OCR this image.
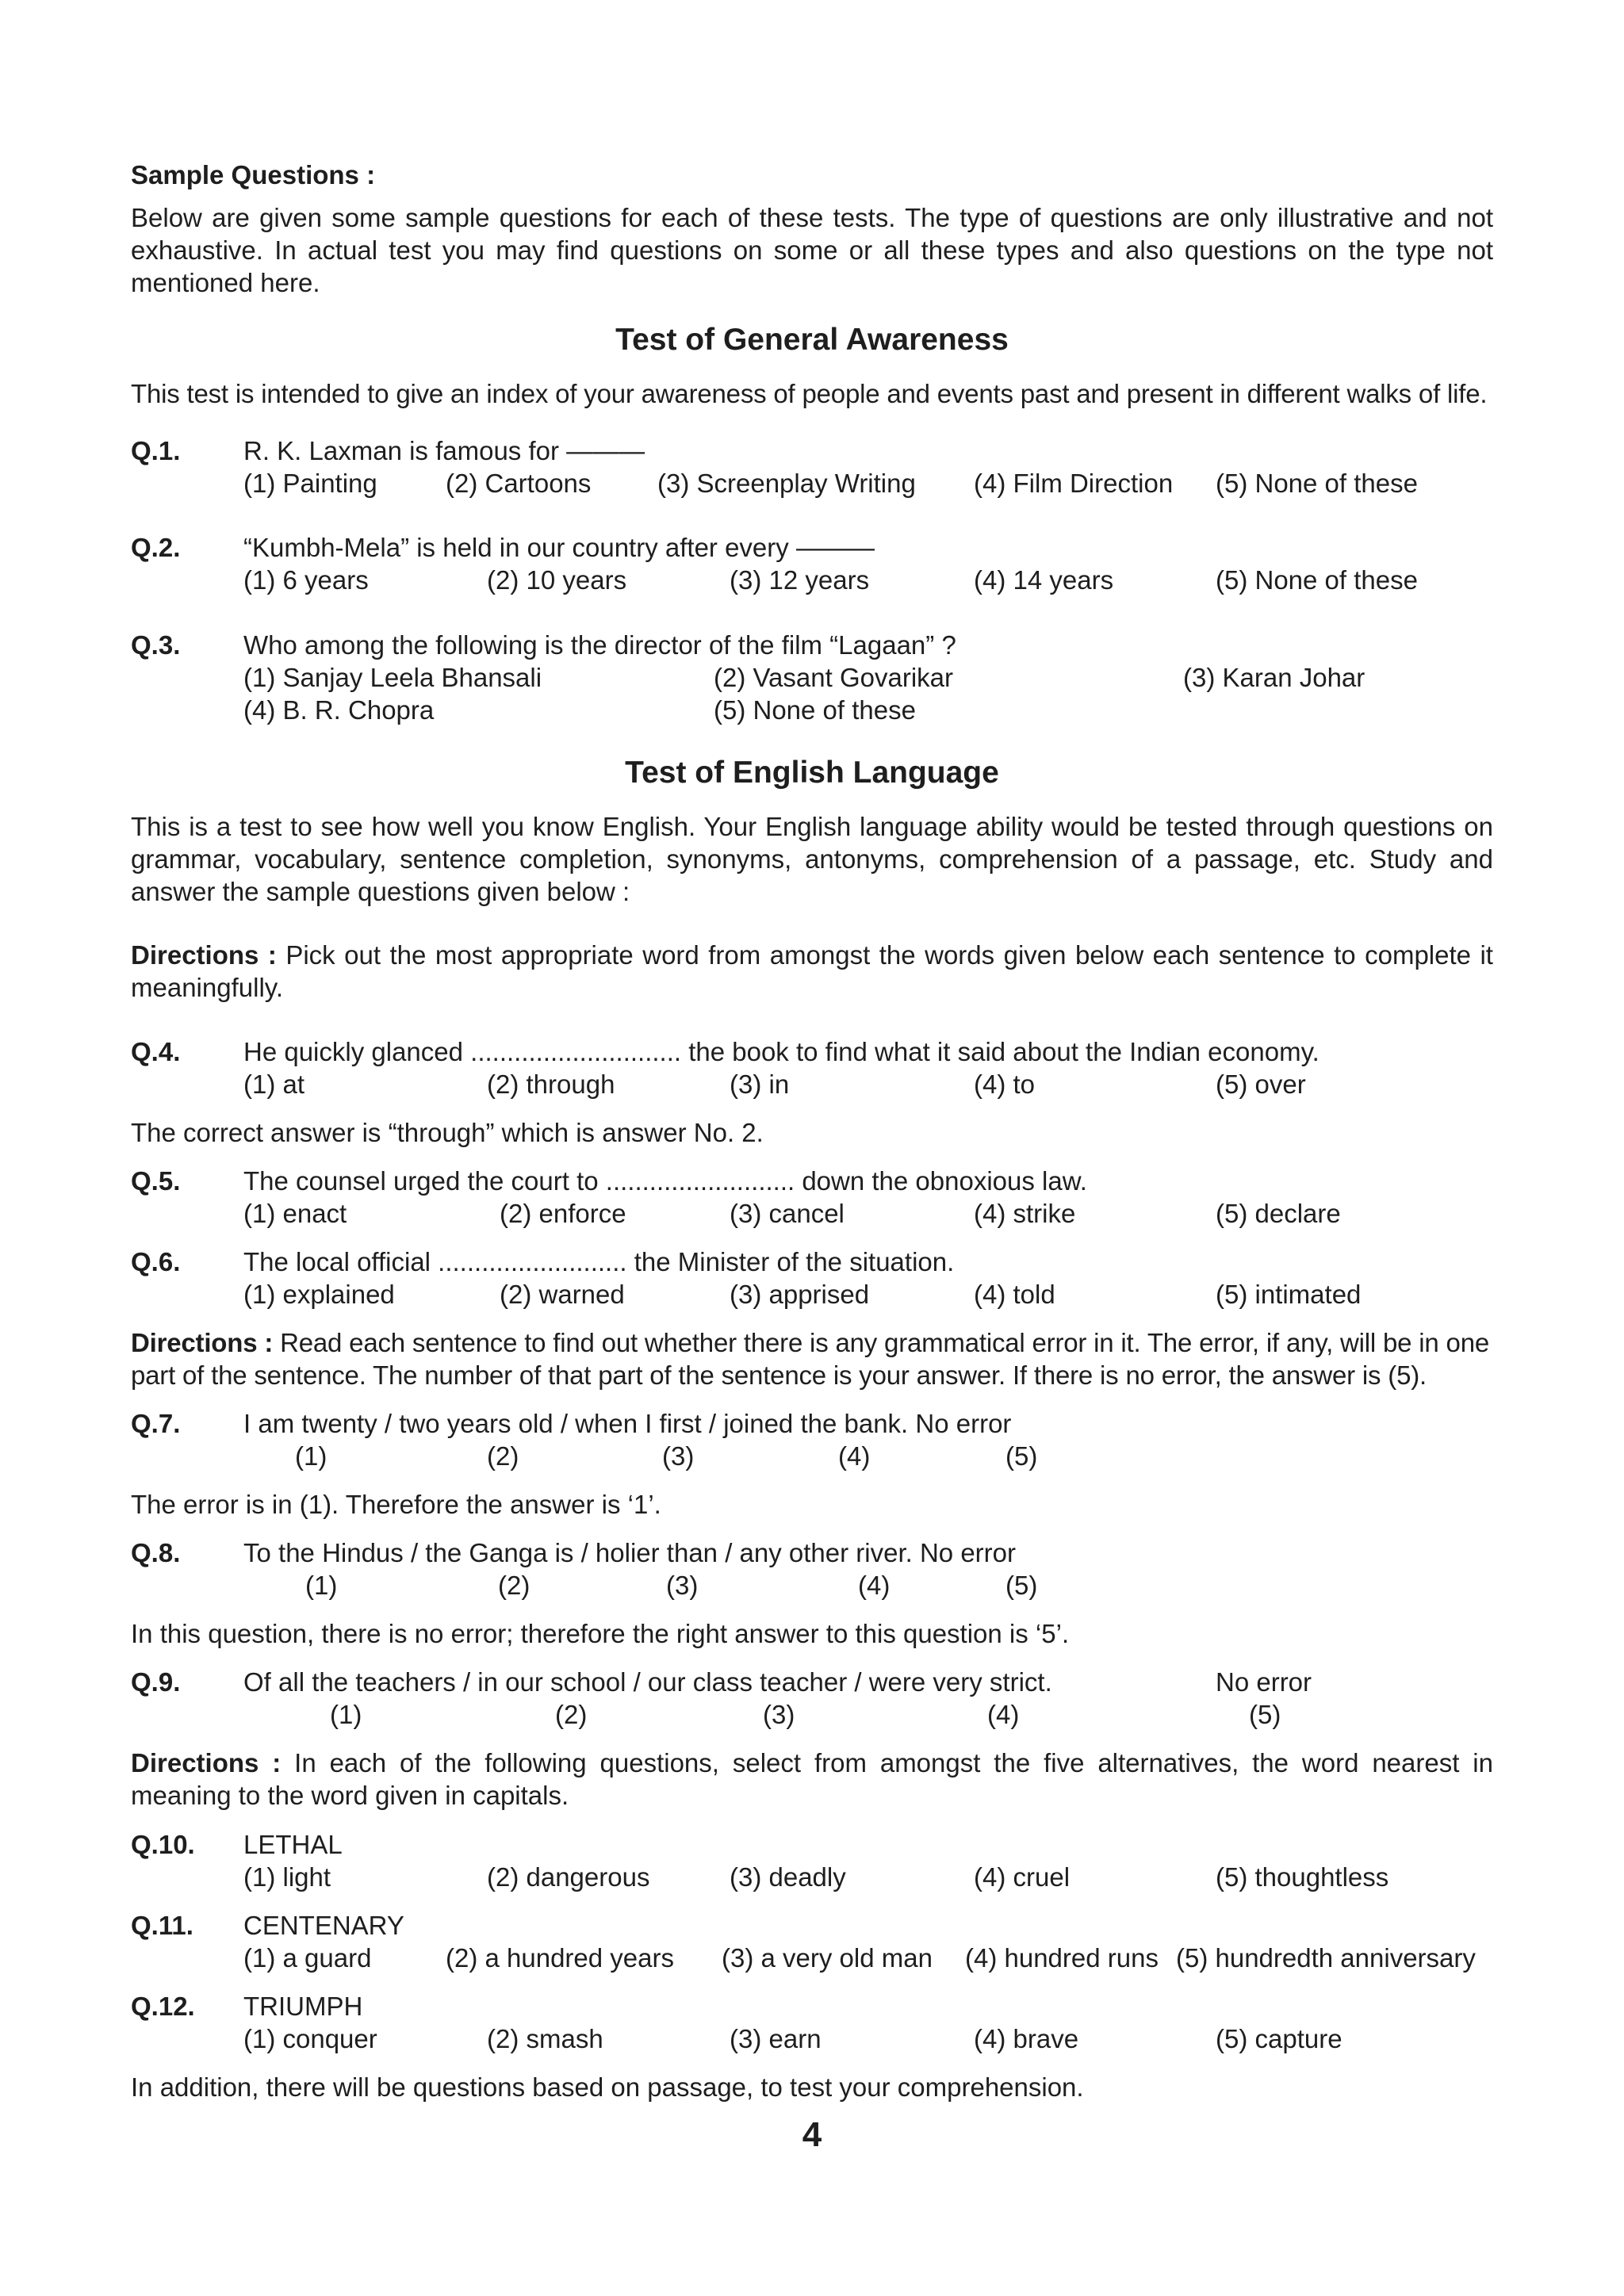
Sample Questions :
Below are given some sample questions for each of these tests. The type of questions are only illustrative and not exhaustive. In actual test you may find questions on some or all these types and also questions on the type not mentioned here.
Test of General Awareness
This test is intended to give an index of your awareness of people and events past and present in different walks of life.
Q.1. R. K. Laxman is famous for ———
(1) Painting	(2) Cartoons	(3) Screenplay Writing (4) Film Direction (5) None of these
Q.2. “Kumbh-Mela” is held in our country after every ———
(1) 6 years	(2) 10 years	(3) 12 years	(4) 14 years	(5) None of these
Q.3. Who among the following is the director of the film “Lagaan” ?
(1) Sanjay Leela Bhansali	(2) Vasant Govarikar	(3) Karan Johar
(4) B. R. Chopra	(5) None of these
Test of English Language
This is a test to see how well you know English. Your English language ability would be tested through questions on grammar, vocabulary, sentence completion, synonyms, antonyms, comprehension of a passage, etc. Study and answer the sample questions given below :
Directions : Pick out the most appropriate word from amongst the words given below each sentence to complete it meaningfully.
Q.4. He quickly glanced ............................. the book to find what it said about the Indian economy.
(1) at	(2) through	(3) in	(4) to	(5) over
The correct answer is “through” which is answer No. 2.
Q.5. The counsel urged the court to .......................... down the obnoxious law.
(1) enact	(2) enforce	(3) cancel	(4) strike	(5) declare
Q.6. The local official .......................... the Minister of the situation.
(1) explained	(2) warned	(3) apprised	(4) told	(5) intimated
Directions : Read each sentence to find out whether there is any grammatical error in it. The error, if any, will be in one part of the sentence. The number of that part of the sentence is your answer. If there is no error, the answer is (5).
Q.7. I am twenty / two years old / when I first / joined the bank. No error
(1)	(2)	(3)	(4)	(5)
The error is in (1). Therefore the answer is ‘1’.
Q.8. To the Hindus / the Ganga is / holier than / any other river. No error
(1)	(2)	(3)	(4)	(5)
In this question, there is no error; therefore the right answer to this question is ‘5’.
Q.9. Of all the teachers / in our school / our class teacher / were very strict.	No error
(1)	(2)	(3)	(4)	(5)
Directions : In each of the following questions, select from amongst the five alternatives, the word nearest in meaning to the word given in capitals.
Q.10. LETHAL
(1) light	(2) dangerous	(3) deadly	(4) cruel	(5) thoughtless
Q.11. CENTENARY
(1) a guard	(2) a hundred years (3) a very old man (4) hundred runs (5) hundredth anniversary
Q.12. TRIUMPH
(1) conquer	(2) smash	(3) earn	(4) brave	(5) capture
In addition, there will be questions based on passage, to test your comprehension.
4
